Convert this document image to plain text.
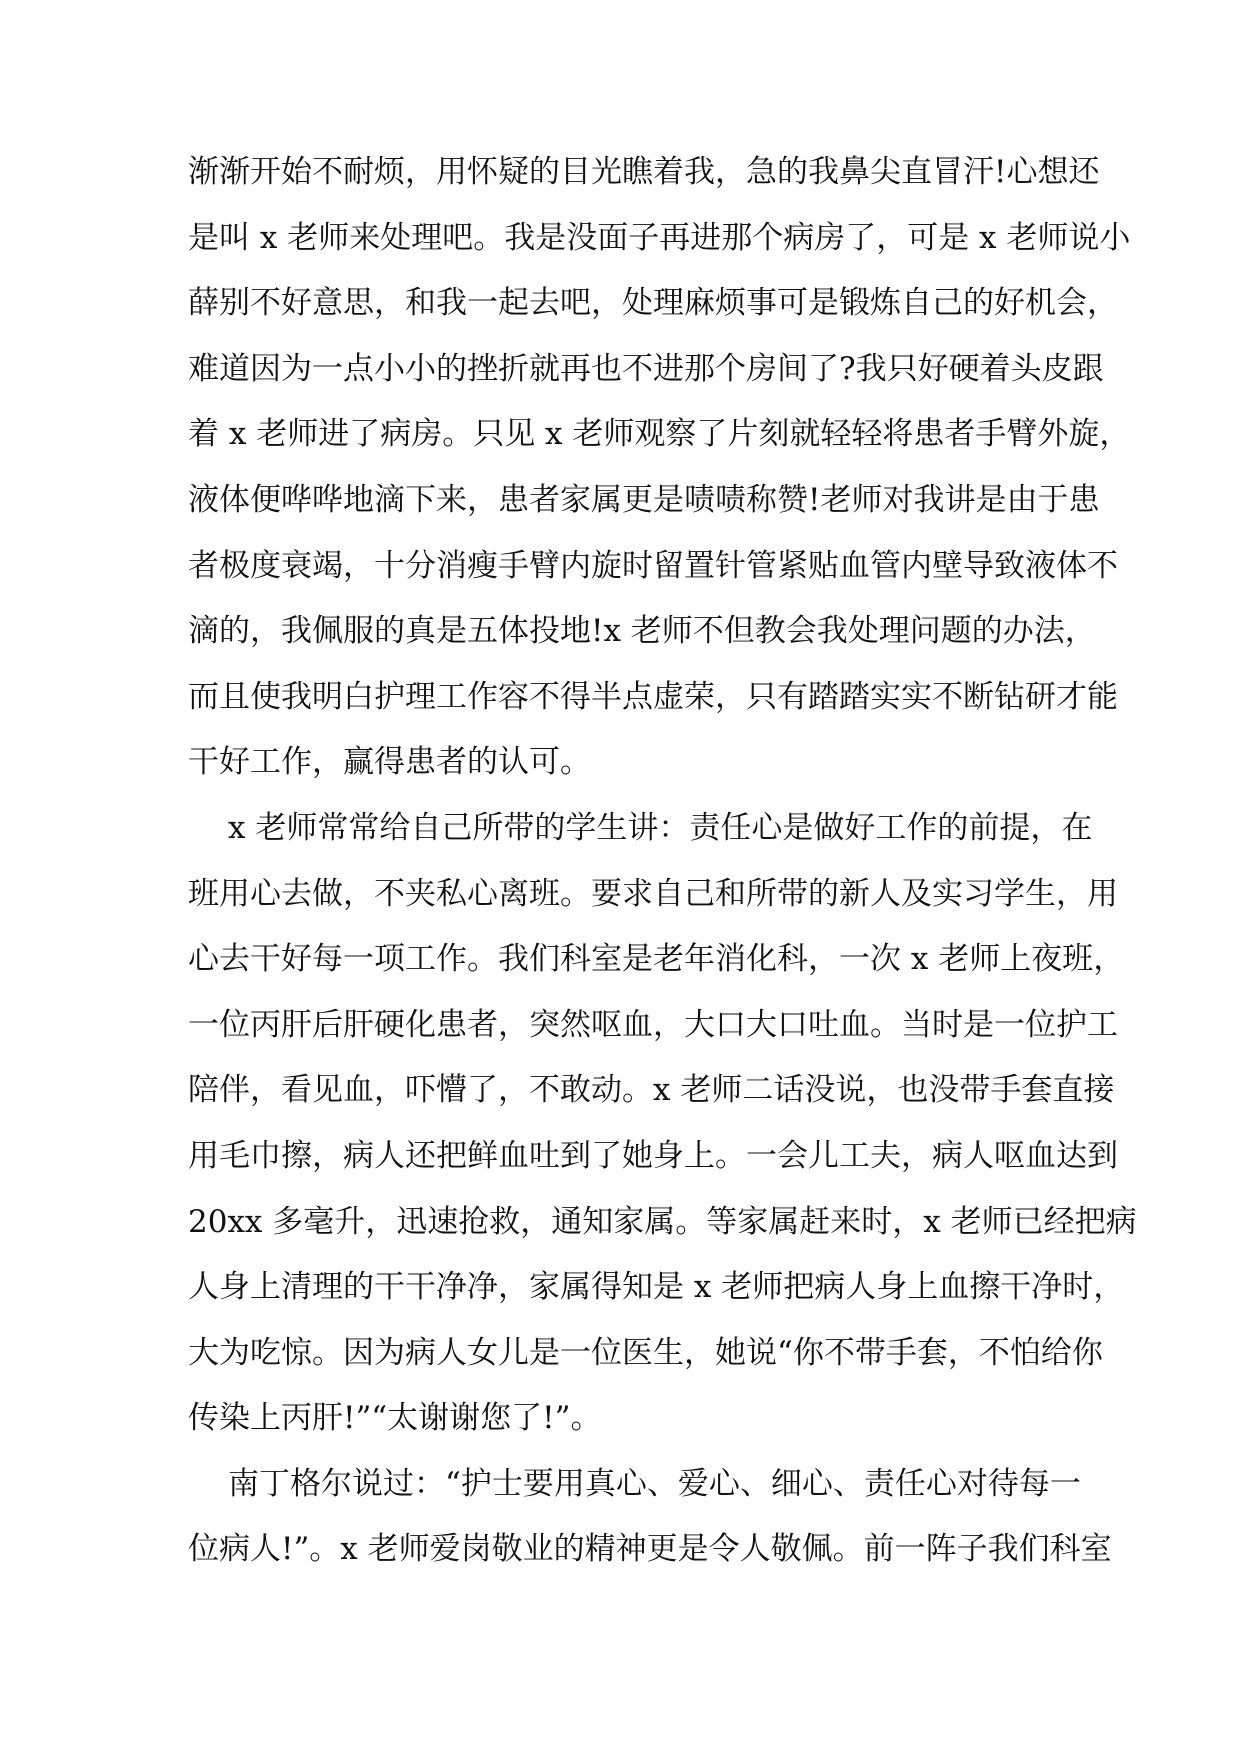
渐渐开始不耐烦，用怀疑的目光瞧着我，急的我鼻尖直冒汗!心想还
是叫 x 老师来处理吧。我是没面子再进那个病房了，可是 x 老师说小
薛别不好意思，和我一起去吧，处理麻烦事可是锻炼自己的好机会，
难道因为一点小小的挫折就再也不进那个房间了?我只好硬着头皮跟
着 x 老师进了病房。只见 x 老师观察了片刻就轻轻将患者手臂外旋，
液体便哗哗地滴下来，患者家属更是啧啧称赞!老师对我讲是由于患
者极度衰竭，十分消瘦手臂内旋时留置针管紧贴血管内壁导致液体不
滴的，我佩服的真是五体投地!x 老师不但教会我处理问题的办法，
而且使我明白护理工作容不得半点虚荣，只有踏踏实实不断钻研才能
干好工作，赢得患者的认可。
x 老师常常给自己所带的学生讲：责任心是做好工作的前提，在
班用心去做，不夹私心离班。要求自己和所带的新人及实习学生，用
心去干好每一项工作。我们科室是老年消化科，一次 x 老师上夜班，
一位丙肝后肝硬化患者，突然呕血，大口大口吐血。当时是一位护工
陪伴，看见血，吓懵了，不敢动。x 老师二话没说，也没带手套直接
用毛巾擦，病人还把鲜血吐到了她身上。一会儿工夫，病人呕血达到
20xx 多毫升，迅速抢救，通知家属。等家属赶来时，x 老师已经把病
人身上清理的干干净净，家属得知是 x 老师把病人身上血擦干净时，
大为吃惊。因为病人女儿是一位医生，她说“你不带手套，不怕给你
传染上丙肝!”“太谢谢您了!”。
南丁格尔说过：“护士要用真心、爱心、细心、责任心对待每一
位病人!”。x 老师爱岗敬业的精神更是令人敬佩。前一阵子我们科室
